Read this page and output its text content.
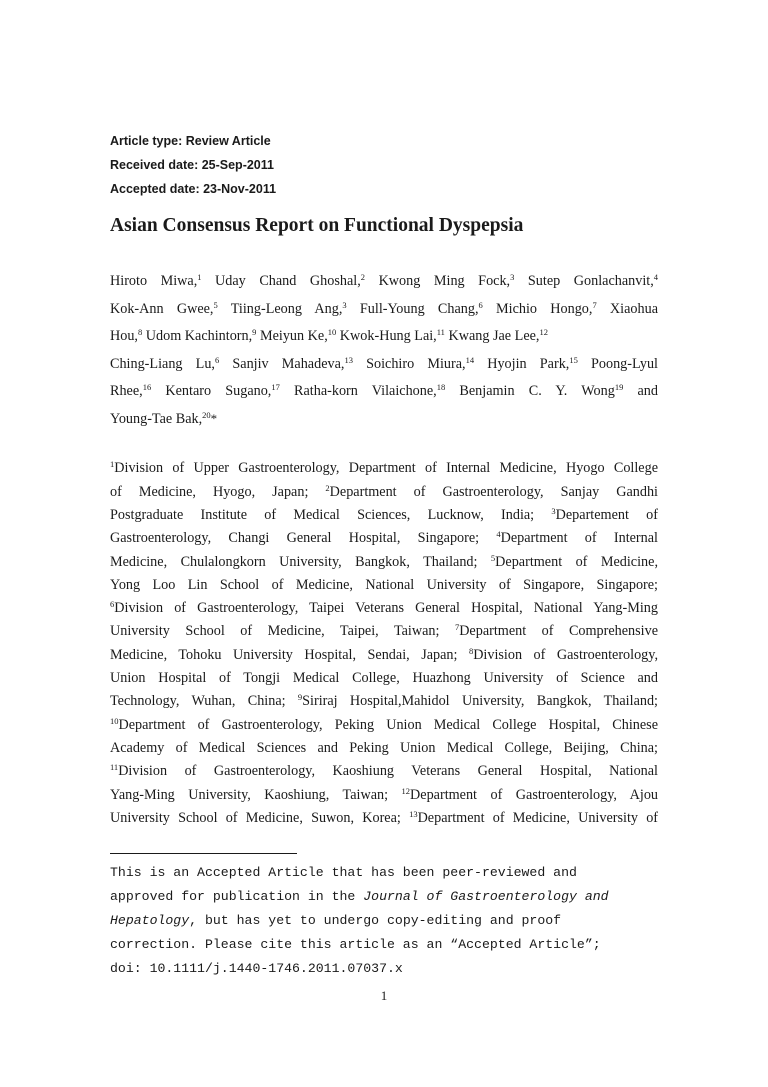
Article type: Review Article
Received date: 25-Sep-2011
Accepted date: 23-Nov-2011
Asian Consensus Report on Functional Dyspepsia
Hiroto Miwa,$^1$ Uday Chand Ghoshal,$^2$ Kwong Ming Fock,$^3$ Sutep Gonlachanvit,$^4$
Kok-Ann Gwee,$^5$ Tiing-Leong Ang,$^3$ Full-Young Chang,$^6$ Michio Hongo,$^7$ Xiaohua
Hou,$^8$ Udom Kachintorn,$^9$ Meiyun Ke,$^{10}$ Kwok-Hung Lai,$^{11}$ Kwang Jae Lee,$^{12}$
Ching-Liang Lu,$^6$ Sanjiv Mahadeva,$^{13}$ Soichiro Miura,$^{14}$ Hyojin Park,$^{15}$ Poong-Lyul
Rhee,$^{16}$ Kentaro Sugano,$^{17}$ Ratha-korn Vilaichone,$^{18}$ Benjamin C. Y. Wong$^{19}$ and
Young-Tae Bak,$^{20}$*
$^1$Division of Upper Gastroenterology, Department of Internal Medicine, Hyogo College
of Medicine, Hyogo, Japan; $^2$Department of Gastroenterology, Sanjay Gandhi
Postgraduate Institute of Medical Sciences, Lucknow, India; $^3$Departement of
Gastroenterology, Changi General Hospital, Singapore; $^4$Department of Internal
Medicine, Chulalongkorn University, Bangkok, Thailand; $^5$Department of Medicine,
Yong Loo Lin School of Medicine, National University of Singapore, Singapore;
$^6$Division of Gastroenterology, Taipei Veterans General Hospital, National Yang-Ming
University School of Medicine, Taipei, Taiwan; $^7$Department of Comprehensive
Medicine, Tohoku University Hospital, Sendai, Japan; $^8$Division of Gastroenterology,
Union Hospital of Tongji Medical College, Huazhong University of Science and
Technology, Wuhan, China; $^9$Siriraj Hospital,Mahidol University, Bangkok, Thailand;
$^{10}$Department of Gastroenterology, Peking Union Medical College Hospital, Chinese
Academy of Medical Sciences and Peking Union Medical College, Beijing, China;
$^{11}$Division of Gastroenterology, Kaoshiung Veterans General Hospital, National
Yang-Ming University, Kaoshiung, Taiwan; $^{12}$Department of Gastroenterology, Ajou
University School of Medicine, Suwon, Korea; $^{13}$Department of Medicine, University of
This is an Accepted Article that has been peer-reviewed and
approved for publication in the Journal of Gastroenterology and
Hepatology, but has yet to undergo copy-editing and proof
correction. Please cite this article as an “Accepted Article”;
doi: 10.1111/j.1440-1746.2011.07037.x
1
